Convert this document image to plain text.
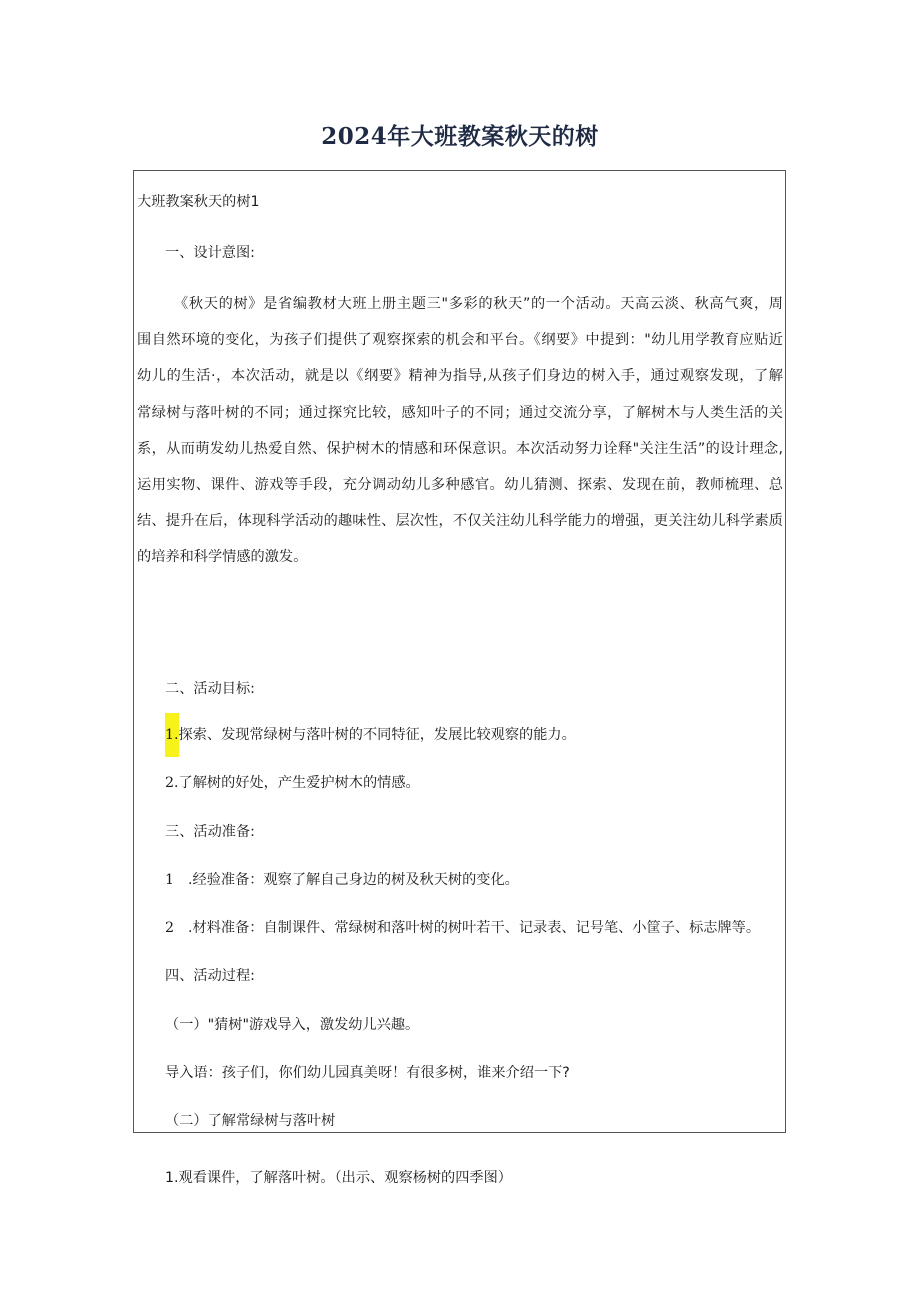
2024年大班教案秋天的树
大班教案秋天的树1
一、设计意图:
《秋天的树》是省编教材大班上册主题三"多彩的秋天”的一个活动。天高云淡、秋高气爽，周
围自然环境的变化，为孩子们提供了观察探索的机会和平台。《纲要》中提到："幼儿用学教育应贴近
幼儿的生活·，本次活动，就是以《纲要》精神为指导,从孩子们身边的树入手，通过观察发现，了解
常绿树与落叶树的不同；通过探究比较，感知叶子的不同；通过交流分享，了解树木与人类生活的关
系，从而萌发幼儿热爱自然、保护树木的情感和环保意识。本次活动努力诠释"关注生活”的设计理念,
运用实物、课件、游戏等手段，充分调动幼儿多种感官。幼儿猜测、探索、发现在前，教师梳理、总
结、提升在后，体现科学活动的趣味性、层次性，不仅关注幼儿科学能力的增强，更关注幼儿科学素质
的培养和科学情感的激发。
二、活动目标:
1.探索、发现常绿树与落叶树的不同特征，发展比较观察的能力。
2.了解树的好处，产生爱护树木的情感。
三、活动准备:
1 .经验准备：观察了解自己身边的树及秋天树的变化。
2 .材料准备：自制课件、常绿树和落叶树的树叶若干、记录表、记号笔、小筐子、标志牌等。
四、活动过程:
（一）"猜树"游戏导入，激发幼儿兴趣。
导入语：孩子们，你们幼儿园真美呀！有很多树，谁来介绍一下?
（二）了解常绿树与落叶树
1.观看课件，了解落叶树。（出示、观察杨树的四季图）
